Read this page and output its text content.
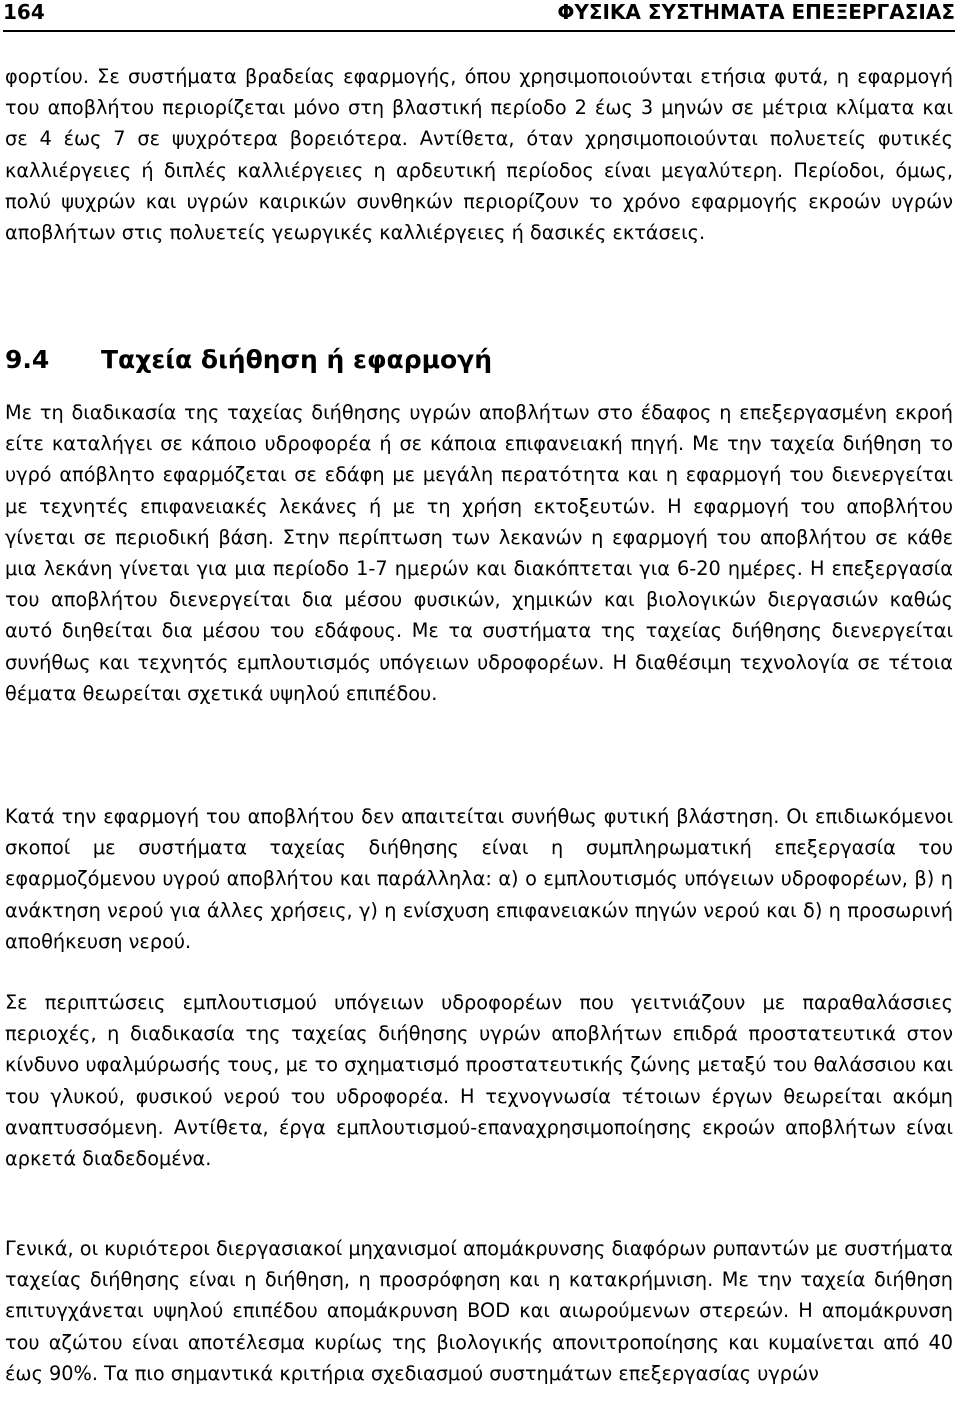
164	ΦΥΣΙΚΑ ΣΥΣΤΗΜΑΤΑ ΕΠΕΞΕΡΓΑΣΙΑΣ

φορτίου. Σε συστήματα βραδείας εφαρμογής, όπου χρησιμοποιούνται ετήσια φυτά, η εφαρμογή του αποβλήτου περιορίζεται μόνο στη βλαστική περίοδο 2 έως 3 μηνών σε μέτρια κλίματα και σε 4 έως 7 σε ψυχρότερα βορειότερα. Αντίθετα, όταν χρησιμοποιούνται πολυετείς φυτικές καλλιέργειες ή διπλές καλλιέργειες η αρδευτική περίοδος είναι μεγαλύτερη. Περίοδοι, όμως, πολύ ψυχρών και υγρών καιρικών συνθηκών περιορίζουν το χρόνο εφαρμογής εκροών υγρών αποβλήτων στις πολυετείς γεωργικές καλλιέργειες ή δασικές εκτάσεις.

9.4 Ταχεία διήθηση ή εφαρμογή

Με τη διαδικασία της ταχείας διήθησης υγρών αποβλήτων στο έδαφος η επεξεργασμένη εκροή είτε καταλήγει σε κάποιο υδροφορέα ή σε κάποια επιφανειακή πηγή. Με την ταχεία διήθηση το υγρό απόβλητο εφαρμόζεται σε εδάφη με μεγάλη περατότητα και η εφαρμογή του διενεργείται με τεχνητές επιφανειακές λεκάνες ή με τη χρήση εκτοξευτών. Η εφαρμογή του αποβλήτου γίνεται σε περιοδική βάση. Στην περίπτωση των λεκανών η εφαρμογή του αποβλήτου σε κάθε μια λεκάνη γίνεται για μια περίοδο 1-7 ημερών και διακόπτεται για 6-20 ημέρες. Η επεξεργασία του αποβλήτου διενεργείται δια μέσου φυσικών, χημικών και βιολογικών διεργασιών καθώς αυτό διηθείται δια μέσου του εδάφους. Με τα συστήματα της ταχείας διήθησης διενεργείται συνήθως και τεχνητός εμπλουτισμός υπόγειων υδροφορέων. Η διαθέσιμη τεχνολογία σε τέτοια θέματα θεωρείται σχετικά υψηλού επιπέδου.

Κατά την εφαρμογή του αποβλήτου δεν απαιτείται συνήθως φυτική βλάστηση. Οι επιδιωκόμενοι σκοποί με συστήματα ταχείας διήθησης είναι η συμπληρωματική επεξεργασία του εφαρμοζόμενου υγρού αποβλήτου και παράλληλα: α) ο εμπλουτισμός υπόγειων υδροφορέων, β) η ανάκτηση νερού για άλλες χρήσεις, γ) η ενίσχυση επιφανειακών πηγών νερού και δ) η προσωρινή αποθήκευση νερού.

Σε περιπτώσεις εμπλουτισμού υπόγειων υδροφορέων που γειτνιάζουν με παραθαλάσσιες περιοχές, η διαδικασία της ταχείας διήθησης υγρών αποβλήτων επιδρά προστατευτικά στον κίνδυνο υφαλμύρωσής τους, με το σχηματισμό προστατευτικής ζώνης μεταξύ του θαλάσσιου και του γλυκού, φυσικού νερού του υδροφορέα. Η τεχνογνωσία τέτοιων έργων θεωρείται ακόμη αναπτυσσόμενη. Αντίθετα, έργα εμπλουτισμού-επαναχρησιμοποίησης εκροών αποβλήτων είναι αρκετά διαδεδομένα.

Γενικά, οι κυριότεροι διεργασιακοί μηχανισμοί απομάκρυνσης διαφόρων ρυπαντών με συστήματα ταχείας διήθησης είναι η διήθηση, η προσρόφηση και η κατακρήμνιση. Με την ταχεία διήθηση επιτυγχάνεται υψηλού επιπέδου απομάκρυνση BOD και αιωρούμενων στερεών. Η απομάκρυνση του αζώτου είναι αποτέλεσμα κυρίως της βιολογικής απονιτροποίησης και κυμαίνεται από 40 έως 90%. Τα πιο σημαντικά κριτήρια σχεδιασμού συστημάτων επεξεργασίας υγρών
